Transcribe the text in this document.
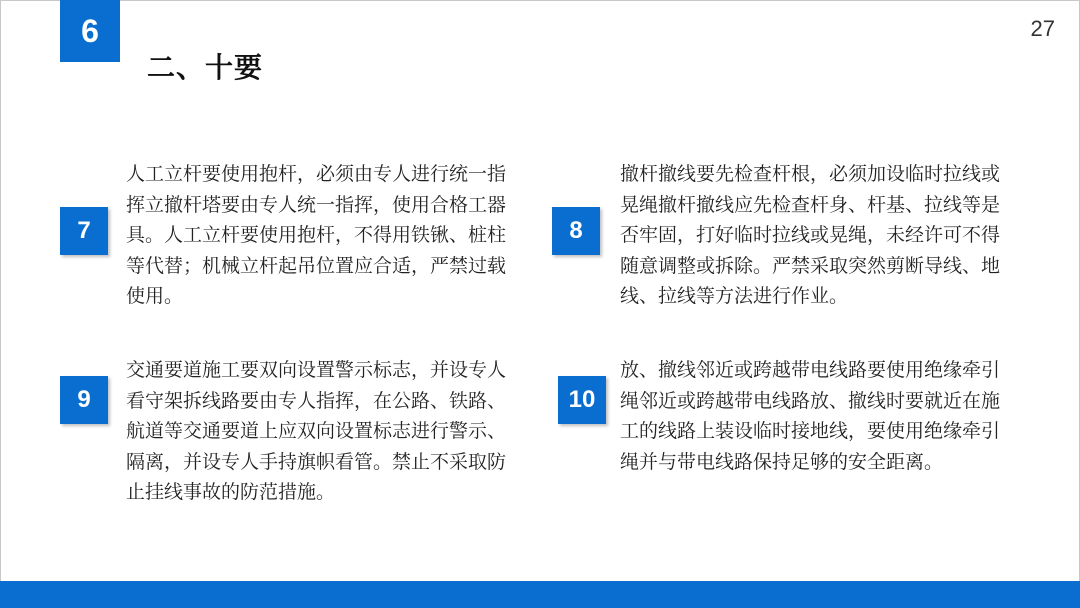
6	27
二、十要
7
人工立杆要使用抱杆，必须由专人进行统一指挥立撤杆塔要由专人统一指挥，使用合格工器具。人工立杆要使用抱杆，不得用铁锹、桩柱等代替；机械立杆起吊位置应合适，严禁过载使用。
8
撤杆撤线要先检查杆根，必须加设临时拉线或晃绳撤杆撤线应先检查杆身、杆基、拉线等是否牢固，打好临时拉线或晃绳，未经许可不得随意调整或拆除。严禁采取突然剪断导线、地线、拉线等方法进行作业。
9
交通要道施工要双向设置警示标志，并设专人看守架拆线路要由专人指挥，在公路、铁路、航道等交通要道上应双向设置标志进行警示、隔离，并设专人手持旗帜看管。禁止不采取防止挂线事故的防范措施。
10
放、撤线邻近或跨越带电线路要使用绝缘牵引绳邻近或跨越带电线路放、撤线时要就近在施工的线路上装设临时接地线，要使用绝缘牵引绳并与带电线路保持足够的安全距离。
